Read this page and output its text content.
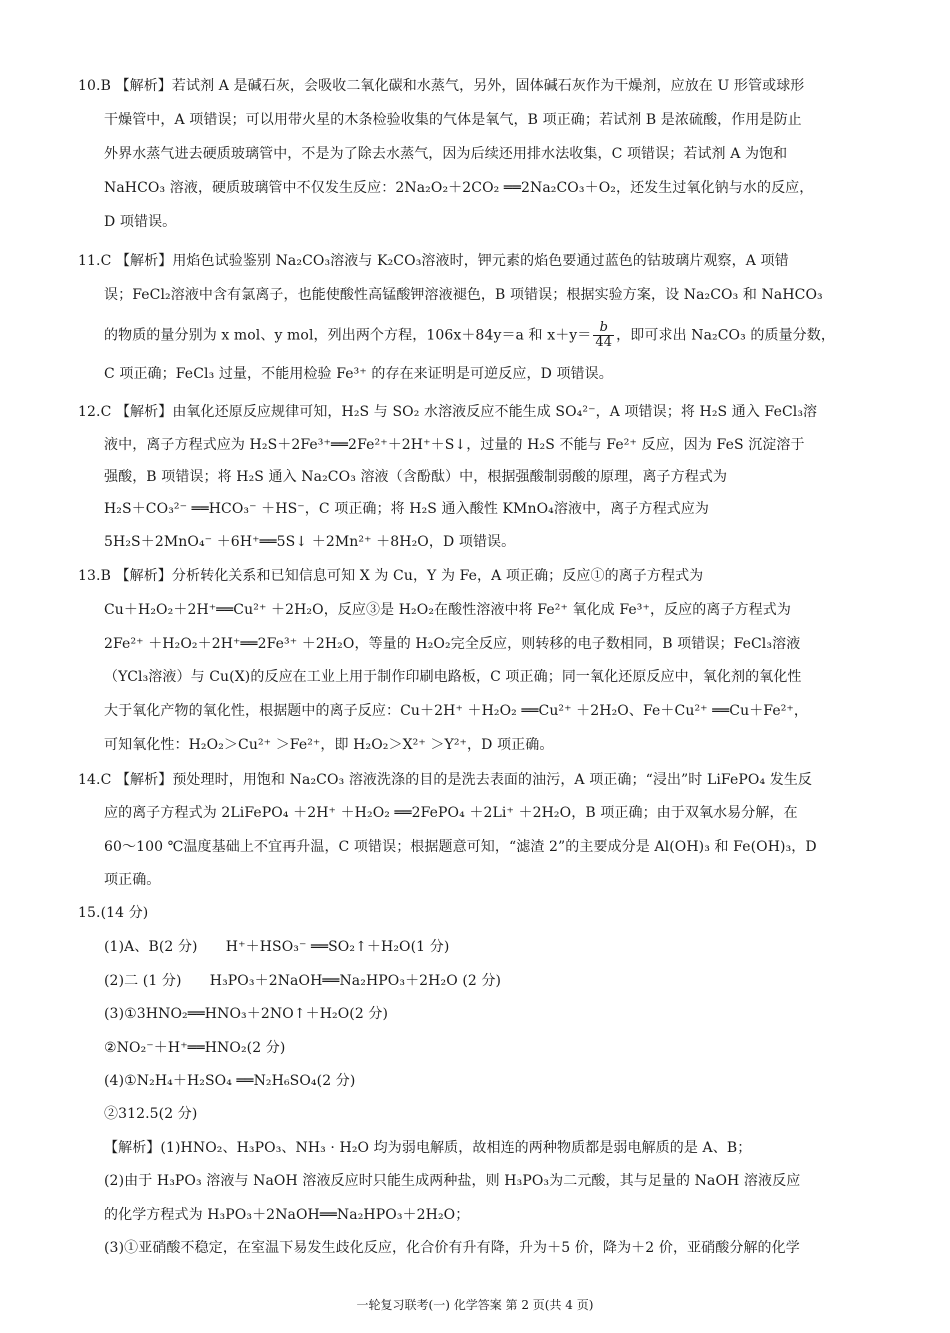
10.B 【解析】若试剂 A 是碱石灰，会吸收二氧化碳和水蒸气，另外，固体碱石灰作为干燥剂，应放在 U 形管或球形
干燥管中，A 项错误；可以用带火星的木条检验收集的气体是氧气，B 项正确；若试剂 B 是浓硫酸，作用是防止
外界水蒸气进去硬质玻璃管中，不是为了除去水蒸气，因为后续还用排水法收集，C 项错误；若试剂 A 为饱和
NaHCO₃ 溶液，硬质玻璃管中不仅发生反应：2Na₂O₂＋2CO₂ ══2Na₂CO₃＋O₂，还发生过氧化钠与水的反应，
D 项错误。
11.C 【解析】用焰色试验鉴别 Na₂CO₃溶液与 K₂CO₃溶液时，钾元素的焰色要通过蓝色的钴玻璃片观察，A 项错
误；FeCl₂溶液中含有氯离子，也能使酸性高锰酸钾溶液褪色，B 项错误；根据实验方案，设 Na₂CO₃ 和 NaHCO₃
的物质的量分别为 x mol、y mol，列出两个方程，106x＋84y＝a 和 $x+y= \frac{b}{44}$ ，即可求出 Na₂CO₃ 的质量分数，
C 项正确；FeCl₃ 过量，不能用检验 Fe³⁺ 的存在来证明是可逆反应，D 项错误。
12.C 【解析】由氧化还原反应规律可知，H₂S 与 SO₂ 水溶液反应不能生成 SO₄²⁻，A 项错误；将 H₂S 通入 FeCl₃溶
液中，离子方程式应为 H₂S＋2Fe³⁺══2Fe²⁺＋2H⁺＋S↓，过量的 H₂S 不能与 Fe²⁺ 反应，因为 FeS 沉淀溶于
强酸，B 项错误；将 H₂S 通入 Na₂CO₃ 溶液（含酚酞）中，根据强酸制弱酸的原理，离子方程式为
H₂S＋CO₃²⁻ ══HCO₃⁻ ＋HS⁻，C 项正确；将 H₂S 通入酸性 KMnO₄溶液中，离子方程式应为
5H₂S＋2MnO₄⁻ ＋6H⁺══5S↓ ＋2Mn²⁺ ＋8H₂O，D 项错误。
13.B 【解析】分析转化关系和已知信息可知 X 为 Cu，Y 为 Fe，A 项正确；反应①的离子方程式为
Cu＋H₂O₂＋2H⁺══Cu²⁺ ＋2H₂O，反应③是 H₂O₂在酸性溶液中将 Fe²⁺ 氧化成 Fe³⁺，反应的离子方程式为
2Fe²⁺ ＋H₂O₂＋2H⁺══2Fe³⁺ ＋2H₂O，等量的 H₂O₂完全反应，则转移的电子数相同，B 项错误；FeCl₃溶液
（YCl₃溶液）与 Cu(X)的反应在工业上用于制作印刷电路板，C 项正确；同一氧化还原反应中，氧化剂的氧化性
大于氧化产物的氧化性，根据题中的离子反应：Cu＋2H⁺ ＋H₂O₂ ══Cu²⁺ ＋2H₂O、Fe＋Cu²⁺ ══Cu＋Fe²⁺，
可知氧化性：H₂O₂＞Cu²⁺ ＞Fe²⁺，即 H₂O₂＞X²⁺ ＞Y²⁺，D 项正确。
14.C 【解析】预处理时，用饱和 Na₂CO₃ 溶液洗涤的目的是洗去表面的油污，A 项正确；“浸出”时 LiFePO₄ 发生反
应的离子方程式为 2LiFePO₄ ＋2H⁺ ＋H₂O₂ ══2FePO₄ ＋2Li⁺ ＋2H₂O，B 项正确；由于双氧水易分解，在
60～100 ℃温度基础上不宜再升温，C 项错误；根据题意可知，“滤渣 2”的主要成分是 Al(OH)₃ 和 Fe(OH)₃，D
项正确。
15.(14 分)
(1)A、B(2 分)　　H⁺＋HSO₃⁻ ══SO₂↑＋H₂O(1 分)
(2)二 (1 分)　　H₃PO₃＋2NaOH══Na₂HPO₃＋2H₂O (2 分)
(3)①3HNO₂══HNO₃＋2NO↑＋H₂O(2 分)
②NO₂⁻＋H⁺══HNO₂(2 分)
(4)①N₂H₄＋H₂SO₄ ══N₂H₆SO₄(2 分)
②312.5(2 分)
【解析】(1)HNO₂、H₃PO₃、NH₃ · H₂O 均为弱电解质，故相连的两种物质都是弱电解质的是 A、B；
(2)由于 H₃PO₃ 溶液与 NaOH 溶液反应时只能生成两种盐，则 H₃PO₃为二元酸，其与足量的 NaOH 溶液反应
的化学方程式为 H₃PO₃＋2NaOH══Na₂HPO₃＋2H₂O；
(3)①亚硝酸不稳定，在室温下易发生歧化反应，化合价有升有降，升为＋5 价，降为＋2 价，亚硝酸分解的化学
一轮复习联考(一) 化学答案 第 2 页(共 4 页)
